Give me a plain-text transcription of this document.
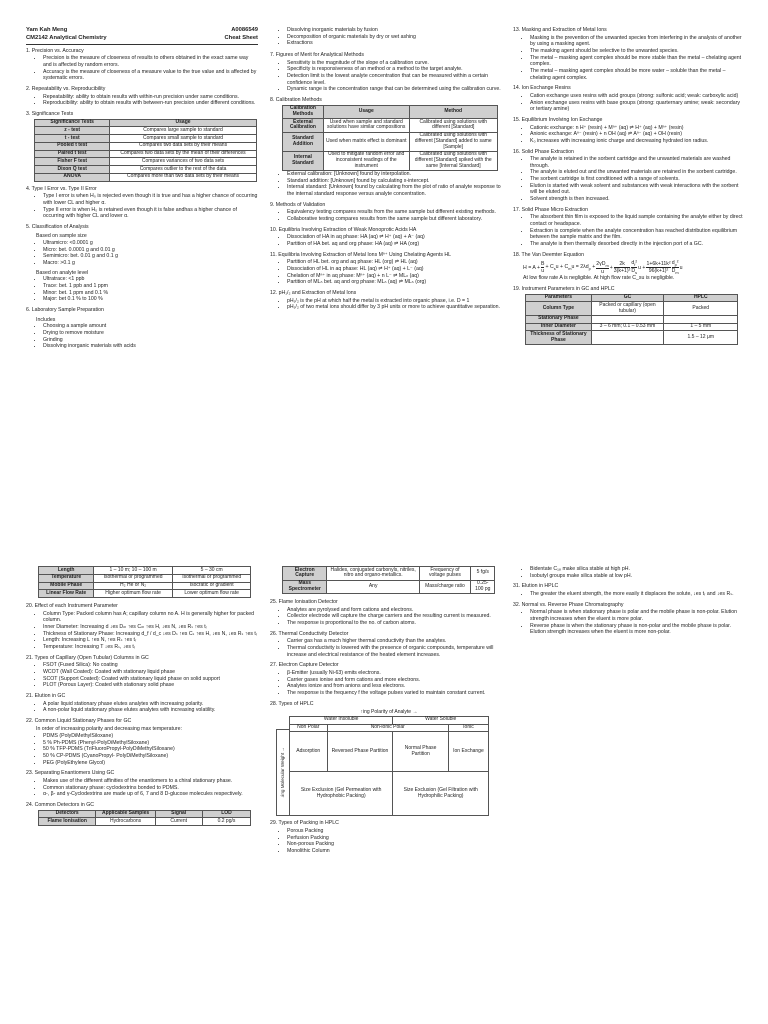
Yam Kah Meng	A0086549
CM2142 Analytical Chemistry	Cheat Sheet
1. Precision vs. Accuracy
• Precision is the measure of closeness of results to others obtained in the exact same way and is affected by random errors.
• Accuracy is the measure of closeness of a measure value to the true value and is affected by systematic errors.
2. Repeatability vs. Reproducibility
• Repeatability: ability to obtain results with within-run precision under same conditions.
• Reproducibility: ability to obtain results with between-run precision under different conditions.
3. Significance Tests
Significance Tests	Usage
z - test	Compares large sample to standard
t - test	Compares small sample to standard
Pooled t test	Compares two data sets by their means
Paired t test	Compares two data sets by the mean of their differences
Fisher F test	Compares variances of two data sets
Dixon Q test	Compares outlier to the rest of the data
ANOVA	Compares more than two data sets by their means
4. Type I Error vs. Type II Error
• Type I error is when H₀ is rejected even though it is true and has a higher chance of occurring with lower CL and higher α.
• Type II error is when H₀ is retained even though it is false andhas a higher chance of occurring with higher CL and lower α.
5. Classification of Analysis
Based on sample size
• Ultramicro: <0.0001 g
• Micro: bet. 0.0001 g and 0.01 g
• Semimicro: bet. 0.01 g and 0.1 g
• Macro: >0.1 g
Based on analyte level
• Ultratrace: <1 ppb
• Trace: bet. 1 ppb and 1 ppm
• Minor: bet. 1 ppm and 0.1 %
• Major: bet 0.1 % to 100 %
6. Laboratory Sample Preparation
Includes
• Choosing a sample amount
• Drying to remove moisture
• Grinding
• Dissolving inorganic materials with acids
• Dissolving inorganic materials by fusion
• Decomposition of organic materials by dry or wet ashing
• Extractions
7. Figures of Merit for Analytical Methods
• Sensitivity is the magnitude of the slope of a calibration curve.
• Specificity is responsiveness of an method or a method to the target analyte.
• Detection limit is the lowest analyte concentration that can be measured within a certain confidence level.
• Dynamic range is the concentration range that can be determined using the calibration curve.
8. Calibration Methods
Calibration Methods	Usage	Method
External Calibration	Used when sample and standard solutions have similar compositions	Calibrated using solutions with different [Standard]
Standard Addition	Used when matrix effect is dominant	Calibrated using solutions with different [Standard] added to same [Sample]
Internal Standard	Used to mitigate random error and inconsistent readings of the instrument	Calibrated using solutions with different [Standard] spiked with the same [Internal Standard]
• External calibration: [Unknown] found by interpolation.
• Standard addition: [Unknown] found by calculating x-intercept.
• Internal standard: [Unknown] found by calculating from the plot of ratio of analyte response to the internal standard response versus analyte concentration.
9. Methods of Validation
• Equivalency testing compares results from the same sample but different existing methods.
• Collaborative testing compares results from the same sample but different laboratory.
10. Equilibria Involving Extraction of Weak Monoprotic Acids HA
• Dissociation of HA in aq phase: HA (aq) ⇌ H⁺ (aq) + A⁻ (aq)
• Partition of HA bet. aq and org phase: HA (aq) ⇌ HA (org)
11. Equilibria Involving Extraction of Metal Ions Mⁿ⁺ Using Chelating Agents HL
• Partition of HL bet. org and aq phase: HL (org) ⇌ HL (aq)
• Dissociation of HL in aq phase: HL (aq) ⇌ H⁺ (aq) + L⁻ (aq)
• Chelation of Mⁿ⁺ in aq phase: Mⁿ⁺ (aq) + n L⁻ ⇌ MLₙ (aq)
• Partition of MLₙ bet. aq and org phase: MLₙ (aq) ⇌ MLₙ (org)
12. pH₁/₂ and Extraction of Metal Ions
• pH₁/₂ is the pH at which half the metal is extracted into organic phase, i.e. D = 1
• pH₁/₂ of two metal ions should differ by 3 pH units or more to achieve quantitative separation.
13. Masking and Extraction of Metal Ions
• Masking is the prevention of the unwanted species from interfering in the analysis of another by using a masking agent.
• The masking agent should be selective to the unwanted species.
• The metal – masking agent complex should be more stable than the metal – chelating agent complex.
• The metal – masking agent complex should be more water – soluble than the metal – chelating agent complex.
14. Ion Exchange Resins
• Cation exchange uses resins with acid groups (strong: sulfonic acid; weak: carboxylic acid)
• Anion exchange uses resins with base groups (strong: quarternary amine; weak: secondary or tertiary amine)
15. Equilibrium Involving Ion Exchange
• Cationic exchange: n H⁺ (resin) + Mⁿ⁺ (aq) ⇌ H⁺ (aq) + Mⁿ⁺ (resin)
• Anionic exchange: Aⁿ⁻ (resin) + n OH (aq) ⇌ Aⁿ⁻ (aq) + OH (resin)
• K₀ increases with increasing ionic charge and decreasing hydrated ion radius.
16. Solid Phase Extraction
• The analyte is retained in the sorbent cartridge and the unwanted materials are washed through.
• The analyte is eluted out and the unwanted materials are retained in the sorbent cartridge.
• The sorbent cartridge is first conditioned with a range of solvents.
• Elution is started with weak solvent and substances with weak interactions with the sorbent will be eluted out.
• Solvent strength is then increased.
17. Solid Phase Micro Extraction
• The absorbent thin film is exposed to the liquid sample containing the analyte either by direct contact or headspace.
• Extraction is complete when the analyte concentration has reached distribution equilibrium between the sample matrix and the film.
• The analyte is then thermally desorbed directly in the injection port of a GC.
18. The Van Deemter Equation
$H = A + \frac{B}{u} + C_su + C_mu = 2\lambda d_p$ +
$2\gamma D_m$
u
+ $\frac{2k}{\text{3(k+1)²}} d_f^2$
$D_s$
$u + \frac{\text{1+6k+11k²}}{\text{96(k+1)²}} d_p^2$
$D_m$
u
At low flow rate A is negligible. At high flow rate C_su is negligible.
19. Instrument Parameters in GC and HPLC
Parameters	GC	HPLC
Column Type	Packed or capillary (open tubular)	Packed
Stationary Phase		
Inner Diameter	3 – 6 mm; 0.1 – 0.53 mm	1 – 5 mm
Thickness of Stationary Phase		1.5 – 12 μm
Length	1 – 10 m; 10 – 100 m	5 – 30 cm
Temperature	Isothermal or programmed	Isothermal or programmed
Mobile Phase	H₂ He or N₂	Isocratic or gradient
Linear Flow Rate	Higher optimum flow rate	Lower optimum flow rate
20. Effect of each Instrument Parameter
• Column Type: Packed column has A; capillary column no A. H is generally higher for packed column.
• Inner Diameter: Increasing d ↓es Dₘ ↑es Cₘ ↑es H, ↓es N, ↓es Rₛ ↑es tᵣ
• Thickness of Stationary Phase: Increasing d_f / d_c ↓es Dₛ ↑es Cₛ ↑es H, ↓es N, ↓es Rₛ ↑es tᵣ
• Length: Increasing L ↑es N, ↑es Rₛ ↑es tᵣ
• Temperature: Increasing T ↓es Rₛ, ↓es tᵣ
21. Types of Capillary (Open Tubular) Columns in GC
• FSOT (Fused Silica): No coating
• WCOT (Wall Coated): Coated with stationary liquid phase
• SCOT (Support Coated): Coated with stationary liquid phase on solid support
• PLOT (Porous Layer): Coated with stationary solid phase
21. Elution in GC
• A polar liquid stationary phase elutes analytes with increasing polarity.
• A non-polar liquid stationary phase elutes analytes with increasing volatility.
22. Common Liquid Stationary Phases for GC
In order of increasing polarity and decreasing max temperature:
• PDMS (PolyDiMethylSiloxane)
• 5 % Ph-PDMS (Phenyl-PolyDiMethylSiloxane)
• 50 % TFP-PDMS (TriFluoroPropyl-PolyDiMethylSiloxane)
• 50 % CP-PDMS (CyanoPropyl- PolyDiMethylSiloxane)
• PEG (PolyEthylene Glycol)
23. Separating Enantiomers Using GC
• Makes use of the different affinities of the enantiomers to a chiral stationary phase.
• Common stationary phase: cyclodextrins bonded to PDMS.
• α-, β- and γ-Cyclodextrins are made up of 6, 7 and 8 D-glucose molecules respectively.
24. Common Detectors in GC
Detectors	Applicable Samples	Signal	LOD
Flame Ionisation	Hydrocarbons	Current	0.2 pg/s
Electron Capture	Halides, conjugated carbonyls, nitriles, nitro and organo-metallics.	Frequency of voltage pulses	5 fg/s
Mass Spectrometer	Any	Mass/charge ratio	0.25-100 pg
25. Flame Ionisation Detector
• Analytes are pyrolysed and form cations and electrons.
• Collector electrode will capture the charge carriers and the resulting current is measured.
• The response is proportional to the no. of carbon atoms.
26. Thermal Conductivity Detector
• Carrier gas has a much higher thermal conductivity than the analytes.
• Thermal conductivity is lowered with the presence of organic compounds, temperature will increase and electrical resistance of the heated element increases.
27. Electron Capture Detector
• β-Emitter (usually Ni-63) emits electrons.
• Carrier gases ionise and form cations and more electrons.
• Analytes ionize and from anions and less electrons.
• The response is the frequency f the voltage pulses varied to maintain constant current.
28. Types of HPLC
↓ing Molecular Weight →
↑ing Polarity of Analyte →			
Water Insoluble		Water Soluble	
Non Polar	Non-ionic Polar		Ionic
Adsorption	Reversed Phase Partition	Normal Phase Partition	Ion Exchange
Size Exclusion (Gel Permeation with Hydrophobic Packing)		Size Exclusion (Gel Filtration with Hydrophilic Packing)	
29. Types of Packing in HPLC
• Porous Packing
• Perfusion Packing
• Non-porous Packing
• Monolithic Column
• Bidentate C₁₈ make silica stable at high pH.
• Isobutyl groups make silica stable at low pH.
31. Elution in HPLC
• The greater the eluent strength, the more easily it displaces the solute, ↓es tᵣ and ↓es Rₛ.
32. Normal vs. Reverse Phase Chromatography
• Normal phase is when stationary phase is polar and the mobile phase is non-polar. Elution strength increases when the eluent is more polar.
• Reverse phase is when the stationary phase is non-polar and the mobile phase is polar. Elution strength increases when the eluent is more non-polar.
